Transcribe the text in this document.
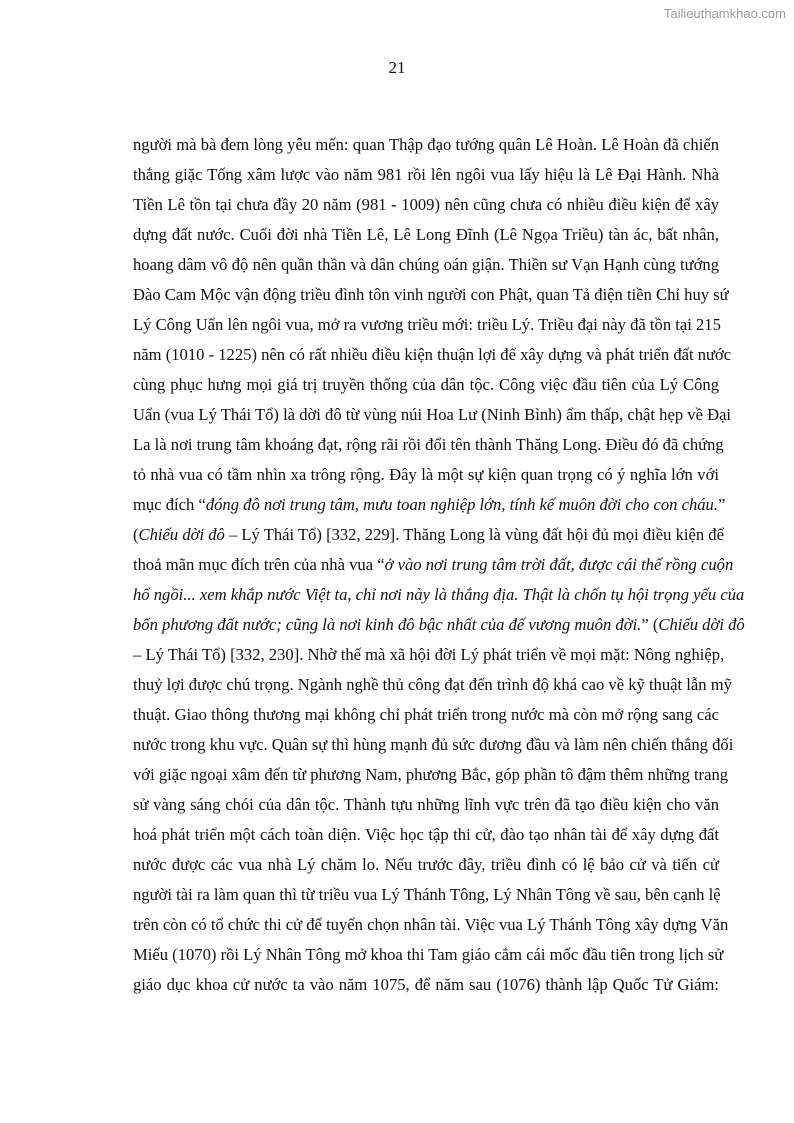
Tailieuthamkhao.com
21
người mà bà đem lòng yêu mến: quan Thập đạo tướng quân Lê Hoàn. Lê Hoàn đã chiến
thắng giặc Tống xâm lược vào năm 981 rồi lên ngôi vua lấy hiệu là Lê Đại Hành. Nhà
Tiền Lê tồn tại chưa đầy 20 năm (981 - 1009) nên cũng chưa có nhiều điều kiện để xây
dựng đất nước. Cuối đời nhà Tiền Lê, Lê Long Đĩnh (Lê Ngọa Triều) tàn ác, bất nhân,
hoang dâm vô độ nên quần thần và dân chúng oán giận. Thiền sư Vạn Hạnh cùng tướng
Đào Cam Mộc vận động triều đình tôn vinh người con Phật, quan Tả điện tiền Chỉ huy sứ
Lý Công Uẩn lên ngôi vua, mở ra vương triều mới: triều Lý. Triều đại này đã tồn tại 215
năm (1010 - 1225) nên có rất nhiều điều kiện thuận lợi để xây dựng và phát triển đất nước
cùng phục hưng mọi giá trị truyền thống của dân tộc. Công việc đầu tiên của Lý Công
Uẩn (vua Lý Thái Tổ) là dời đô từ vùng núi Hoa Lư (Ninh Bình) ẩm thấp, chật hẹp về Đại
La là nơi trung tâm khoáng đạt, rộng rãi rồi đổi tên thành Thăng Long. Điều đó đã chứng
tỏ nhà vua có tầm nhìn xa trông rộng. Đây là một sự kiện quan trọng có ý nghĩa lớn với
mục đích “đóng đô nơi trung tâm, mưu toan nghiệp lớn, tính kế muôn đời cho con cháu.”
(Chiếu dời đô – Lý Thái Tổ) [332, 229]. Thăng Long là vùng đất hội đủ mọi điều kiện để
thoả mãn mục đích trên của nhà vua “ở vào nơi trung tâm trời đất, được cái thế rồng cuộn
hổ ngồi... xem khắp nước Việt ta, chỉ nơi này là thắng địa. Thật là chốn tụ hội trọng yếu của
bốn phương đất nước; cũng là nơi kinh đô bậc nhất của đế vương muôn đời.” (Chiếu dời đô
– Lý Thái Tổ) [332, 230]. Nhờ thế mà xã hội đời Lý phát triển về mọi mặt: Nông nghiệp,
thuỷ lợi được chú trọng. Ngành nghề thủ công đạt đến trình độ khá cao về kỹ thuật lẫn mỹ
thuật. Giao thông thương mại không chỉ phát triển trong nước mà còn mở rộng sang các
nước trong khu vực. Quân sự thì hùng mạnh đủ sức đương đầu và làm nên chiến thắng đối
với giặc ngoại xâm đến từ phương Nam, phương Bắc, góp phần tô đậm thêm những trang
sử vàng sáng chói của dân tộc. Thành tựu những lĩnh vực trên đã tạo điều kiện cho văn
hoá phát triển một cách toàn diện. Việc học tập thi cử, đào tạo nhân tài để xây dựng đất
nước được các vua nhà Lý chăm lo. Nếu trước đây, triều đình có lệ bảo cử và tiến cử
người tài ra làm quan thì từ triều vua Lý Thánh Tông, Lý Nhân Tông về sau, bên cạnh lệ
trên còn có tổ chức thi cử để tuyển chọn nhân tài. Việc vua Lý Thánh Tông xây dựng Văn
Miếu (1070) rồi Lý Nhân Tông mở khoa thi Tam giáo cắm cái mốc đầu tiên trong lịch sử
giáo dục khoa cử nước ta vào năm 1075, để năm sau (1076) thành lập Quốc Tử Giám:
